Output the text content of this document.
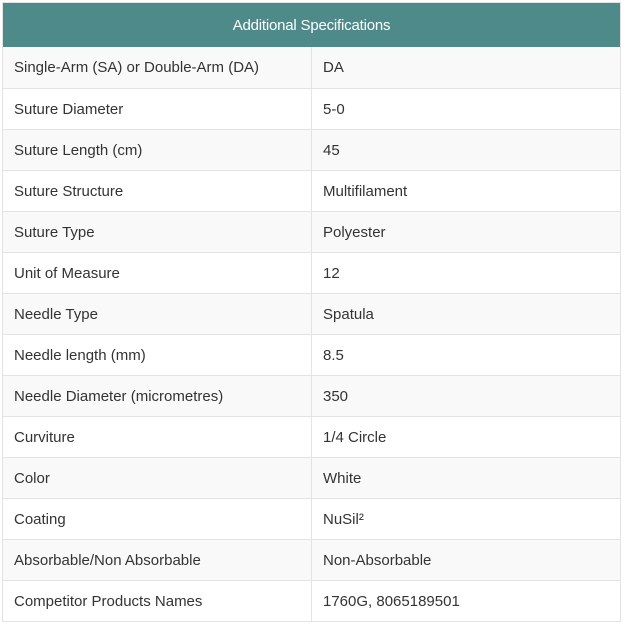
Additional Specifications
Single-Arm (SA) or Double-Arm (DA)	DA
Suture Diameter	5-0
Suture Length (cm)	45
Suture Structure	Multifilament
Suture Type	Polyester
Unit of Measure	12
Needle Type	Spatula
Needle length (mm)	8.5
Needle Diameter (micrometres)	350
Curviture	1/4 Circle
Color	White
Coating	NuSil²
Absorbable/Non Absorbable	Non-Absorbable
Competitor Products Names	1760G, 8065189501
